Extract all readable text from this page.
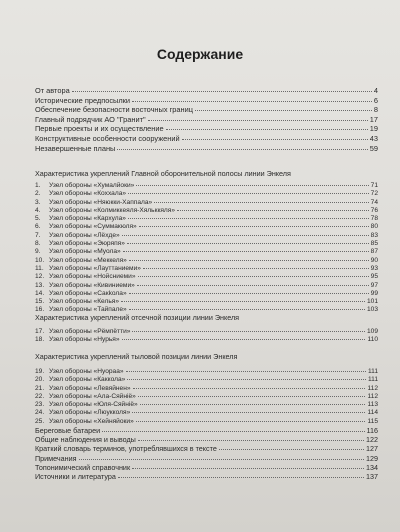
Содержание
От автора	4
Исторические предпосылки	6
Обеспечение безопасности восточных границ	8
Главный подрядчик АО "Гранит"	17
Первые проекты и их осуществление	19
Конструктивные особенности сооружений	43
Незавершенные планы	59
Характеристика укреплений Главной оборонительной полосы линии Энкеля
1.	Узел обороны «Хумалйоки»	71
2.	Узел обороны «Коххала»	72
3.	Узел обороны «Няюкки-Хаппала»	74
4.	Узел обороны «Колмиккеяля-Хяльккяля»	76
5.	Узел обороны «Кархула»	78
6.	Узел обороны «Суммакюля»	80
7.	Узел обороны «Лёхде»	83
8.	Узел обороны «Эюряпя»	85
9.	Узел обороны «Муола»	87
10. Узел обороны «Меккеля»	90
11. Узел обороны «Лауттаниеми»	93
12. Узел обороны «Нойсниеми»	95
13. Узел обороны «Кивиниеми»	97
14. Узел обороны «Сакkола»	99
15. Узел обороны «Келья»	101
16. Узел обороны «Тайпале»	103
Характеристика укреплений отсечной позиции линии Энкеля
17. Узел обороны «Рёмпётти»	109
18. Узел обороны «Нурья»	110
Характеристика укреплений тыловой позиции линии Энкеля
19. Узел обороны «Нуораа»	111
20. Узел обороны «Каккола»	111
21. Узел обороны «Левяйнен»	112
22. Узел обороны «Ала-Сяйнiё»	112
23. Узел обороны «Юля-Сяйнiё»	113
24. Узел обороны «Люукколя»	114
25. Узел обороны «Хейняйоки»	115
Береговые батареи	116
Общие наблюдения и выводы	122
Краткий словарь терминов, употреблявшихся в тексте	127
Примечания	129
Топонимический справочник	134
Источники и литература	137
